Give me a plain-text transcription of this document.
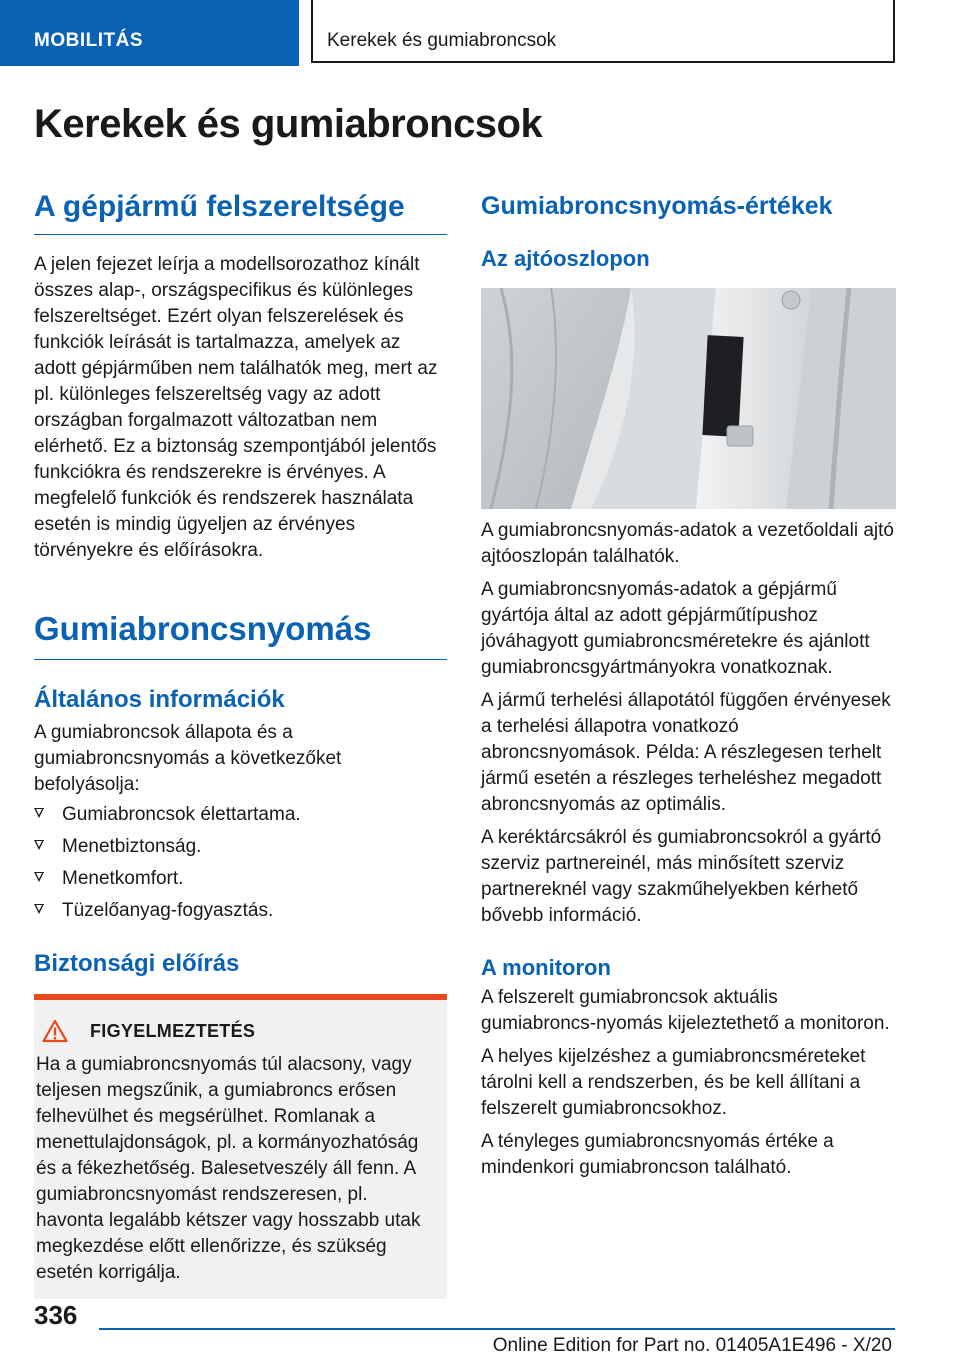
MOBILITÁS	Kerekek és gumiabroncsok
Kerekek és gumiabroncsok
A gépjármű felszereltsége

A jelen fejezet leírja a modellsorozathoz kínált összes alap-, országspecifikus és különleges felszereltséget. Ezért olyan felszerelések és funkciók leírását is tartalmazza, amelyek az adott gépjárműben nem találhatók meg, mert az pl. különleges felszereltség vagy az adott országban forgalmazott változatban nem elérhető. Ez a biztonság szempontjából jelentős funkciókra és rendszerekre is érvényes. A megfelelő funkciók és rendszerek használata esetén is mindig ügyeljen az érvényes törvényekre és előírásokra.

Gumiabroncsnyomás
Általános információk

A gumiabroncsok állapota és a gumiabroncsnyomás a következőket befolyásolja:

Gumiabroncsok élettartama.
Menetbiztonság.
Menetkomfort.
Tüzelőanyag-fogyasztás.
Biztonsági előírás
FIGYELMEZTETÉS

Ha a gumiabroncsnyomás túl alacsony, vagy teljesen megszűnik, a gumiabroncs erősen felhevülhet és megsérülhet. Romlanak a menettulajdonságok, pl. a kormányozhatóság és a fékezhetőség. Balesetveszély áll fenn. A gumiabroncsnyomást rendszeresen, pl. havonta legalább kétszer vagy hosszabb utak megkezdése előtt ellenőrizze, és szükség esetén korrigálja.

Gumiabroncsnyomás-értékek
Az ajtóoszlopon

A gumiabroncsnyomás-adatok a vezetőoldali ajtó ajtóoszlopán találhatók.

A gumiabroncsnyomás-adatok a gépjármű gyártója által az adott gépjárműtípushoz jóváhagyott gumiabroncsméretekre és ajánlott gumiabroncsgyártmányokra vonatkoznak.

A jármű terhelési állapotától függően érvényesek a terhelési állapotra vonatkozó abroncsnyomások. Példa: A részlegesen terhelt jármű esetén a részleges terheléshez megadott abroncsnyomás az optimális.

A keréktárcsákról és gumiabroncsokról a gyártó szerviz partnereinél, más minősített szerviz partnereknél vagy szakműhelyekben kérhető bővebb információ.

A monitoron

A felszerelt gumiabroncsok aktuális gumiabroncs-nyomás kijeleztethető a monitoron.

A helyes kijelzéshez a gumiabroncsméreteket tárolni kell a rendszerben, és be kell állítani a felszerelt gumiabroncsokhoz.

A tényleges gumiabroncsnyomás értéke a mindenkori gumiabroncson található.

336
Online Edition for Part no. 01405A1E496 - X/20
